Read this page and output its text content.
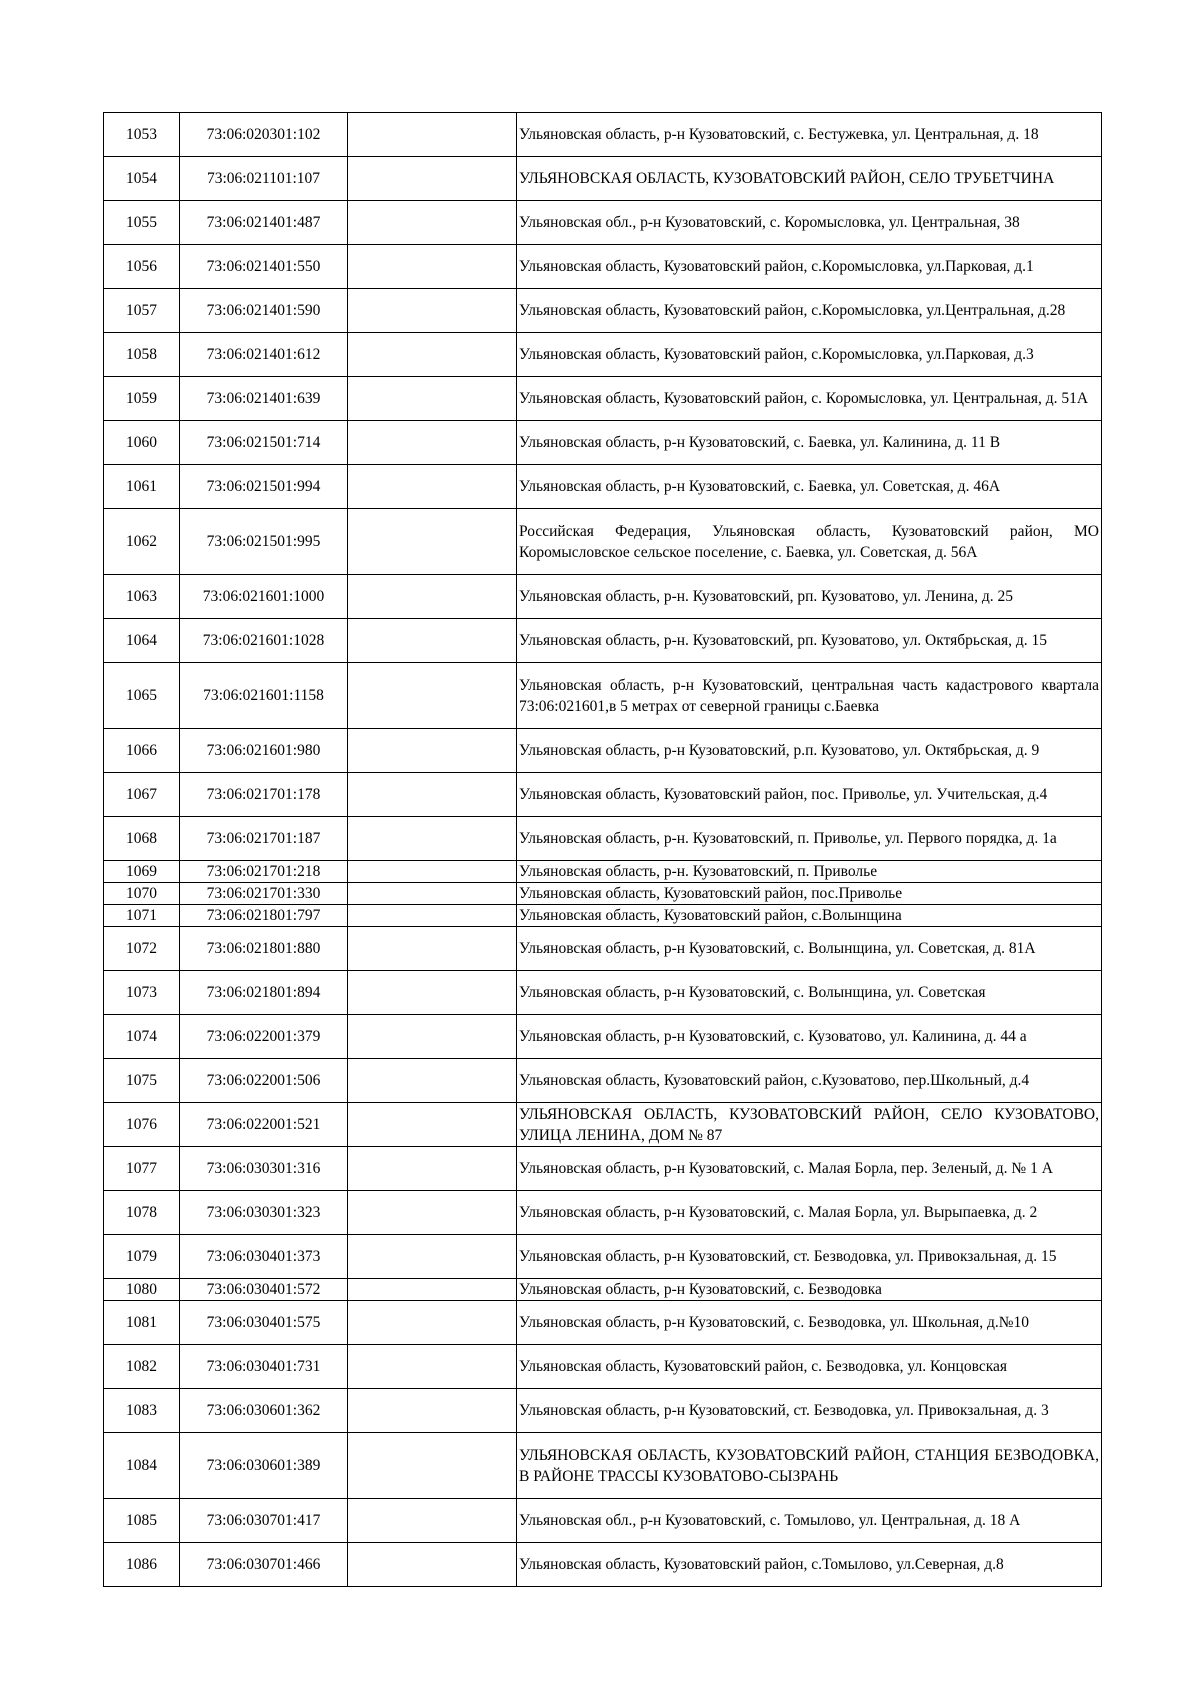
1053	73:06:020301:102		Ульяновская область, р-н Кузоватовский, с. Бестужевка, ул. Центральная, д. 18
1054	73:06:021101:107		УЛЬЯНОВСКАЯ ОБЛАСТЬ, КУЗОВАТОВСКИЙ РАЙОН, СЕЛО ТРУБЕТЧИНА
1055	73:06:021401:487		Ульяновская обл., р-н Кузоватовский, с. Коромысловка, ул. Центральная, 38
1056	73:06:021401:550		Ульяновская область, Кузоватовский район, с.Коромысловка, ул.Парковая, д.1
1057	73:06:021401:590		Ульяновская область, Кузоватовский район, с.Коромысловка, ул.Центральная, д.28
1058	73:06:021401:612		Ульяновская область, Кузоватовский район, с.Коромысловка, ул.Парковая, д.3
1059	73:06:021401:639		Ульяновская область, Кузоватовский район, с. Коромысловка, ул. Центральная, д. 51А
1060	73:06:021501:714		Ульяновская область, р-н Кузоватовский, с. Баевка, ул. Калинина, д. 11 В
1061	73:06:021501:994		Ульяновская область, р-н Кузоватовский, с. Баевка, ул. Советская, д. 46А
1062	73:06:021501:995		Российская Федерация, Ульяновская область, Кузоватовский район, МО Коромысловское сельское поселение, с. Баевка, ул. Советская, д. 56А
1063	73:06:021601:1000		Ульяновская область, р-н. Кузоватовский, рп. Кузоватово, ул. Ленина, д. 25
1064	73:06:021601:1028		Ульяновская область, р-н. Кузоватовский, рп. Кузоватово, ул. Октябрьская, д. 15
1065	73:06:021601:1158		Ульяновская область, р-н Кузоватовский, центральная часть кадастрового квартала 73:06:021601,в 5 метрах от северной границы с.Баевка
1066	73:06:021601:980		Ульяновская область, р-н Кузоватовский, р.п. Кузоватово, ул. Октябрьская, д. 9
1067	73:06:021701:178		Ульяновская область, Кузоватовский район, пос. Приволье, ул. Учительская, д.4
1068	73:06:021701:187		Ульяновская область, р-н. Кузоватовский, п. Приволье, ул. Первого порядка, д. 1а
1069	73:06:021701:218		Ульяновская область, р-н. Кузоватовский, п. Приволье
1070	73:06:021701:330		Ульяновская область, Кузоватовский район, пос.Приволье
1071	73:06:021801:797		Ульяновская область, Кузоватовский район, с.Волынщина
1072	73:06:021801:880		Ульяновская область, р-н Кузоватовский, с. Волынщина, ул. Советская, д. 81А
1073	73:06:021801:894		Ульяновская область, р-н Кузоватовский, с. Волынщина, ул. Советская
1074	73:06:022001:379		Ульяновская область, р-н Кузоватовский, с. Кузоватово, ул. Калинина, д. 44 а
1075	73:06:022001:506		Ульяновская область, Кузоватовский район, с.Кузоватово, пер.Школьный, д.4
1076	73:06:022001:521		УЛЬЯНОВСКАЯ ОБЛАСТЬ, КУЗОВАТОВСКИЙ РАЙОН, СЕЛО КУЗОВАТОВО, УЛИЦА ЛЕНИНА, ДОМ № 87
1077	73:06:030301:316		Ульяновская область, р-н Кузоватовский, с. Малая Борла, пер. Зеленый, д. № 1 А
1078	73:06:030301:323		Ульяновская область, р-н Кузоватовский, с. Малая Борла, ул. Вырыпаевка, д. 2
1079	73:06:030401:373		Ульяновская область, р-н Кузоватовский, ст. Безводовка, ул. Привокзальная, д. 15
1080	73:06:030401:572		Ульяновская область, р-н Кузоватовский, с. Безводовка
1081	73:06:030401:575		Ульяновская область, р-н Кузоватовский, с. Безводовка, ул. Школьная, д.№10
1082	73:06:030401:731		Ульяновская область, Кузоватовский район, с. Безводовка, ул. Концовская
1083	73:06:030601:362		Ульяновская область, р-н Кузоватовский, ст. Безводовка, ул. Привокзальная, д. 3
1084	73:06:030601:389		УЛЬЯНОВСКАЯ ОБЛАСТЬ, КУЗОВАТОВСКИЙ РАЙОН, СТАНЦИЯ БЕЗВОДОВКА, В РАЙОНЕ ТРАССЫ КУЗОВАТОВО-СЫЗРАНЬ
1085	73:06:030701:417		Ульяновская обл., р-н Кузоватовский, с. Томылово, ул. Центральная, д. 18 А
1086	73:06:030701:466		Ульяновская область, Кузоватовский район, с.Томылово, ул.Северная, д.8
